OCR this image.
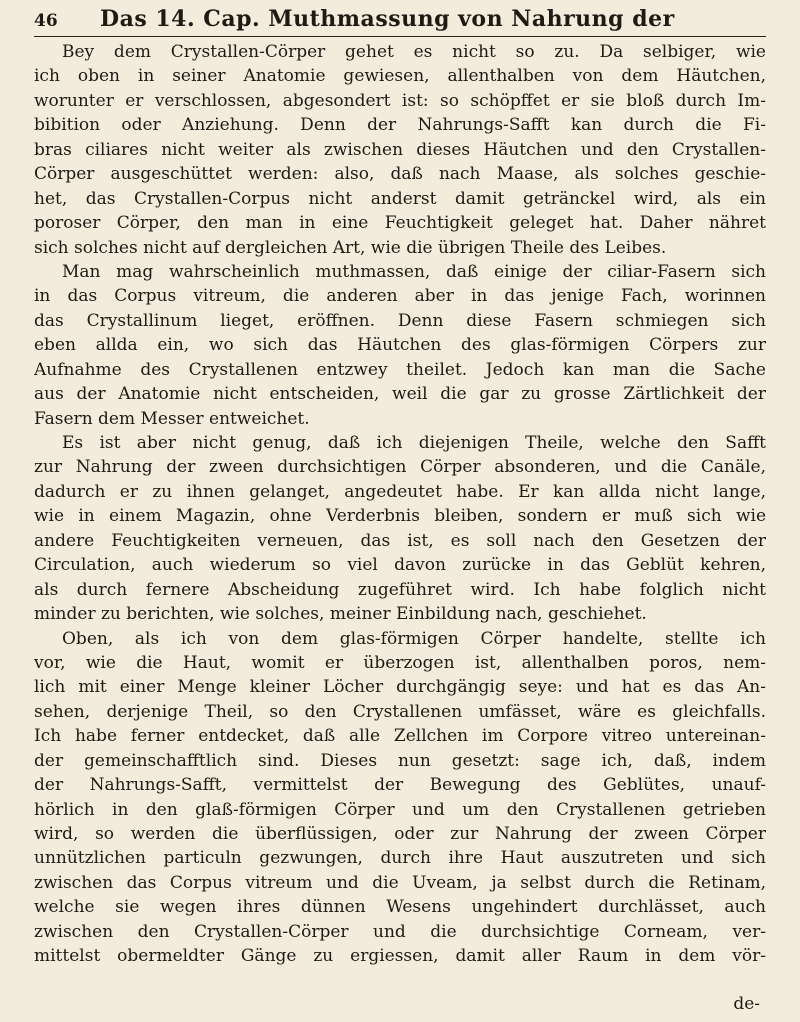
46	Das 14. Cap. Muthmassung von Nahrung der
Bey dem Crystallen-Cörper gehet es nicht so zu. Da selbiger, wie
ich oben in seiner Anatomie gewiesen, allenthalben von dem Häutchen,
worunter er verschlossen, abgesondert ist: so schöpffet er sie bloß durch Im-
bibition oder Anziehung. Denn der Nahrungs-Safft kan durch die Fi-
bras ciliares nicht weiter als zwischen dieses Häutchen und den Crystallen-
Cörper ausgeschüttet werden: also, daß nach Maase, als solches geschie-
het, das Crystallen-Corpus nicht anderst damit getränckel wird, als ein
poroser Cörper, den man in eine Feuchtigkeit geleget hat. Daher nähret
sich solches nicht auf dergleichen Art, wie die übrigen Theile des Leibes.
Man mag wahrscheinlich muthmassen, daß einige der ciliar-Fasern sich
in das Corpus vitreum, die anderen aber in das jenige Fach, worinnen
das Crystallinum lieget, eröffnen. Denn diese Fasern schmiegen sich
eben allda ein, wo sich das Häutchen des glas-förmigen Cörpers zur
Aufnahme des Crystallenen entzwey theilet. Jedoch kan man die Sache
aus der Anatomie nicht entscheiden, weil die gar zu grosse Zärtlichkeit der
Fasern dem Messer entweichet.
Es ist aber nicht genug, daß ich diejenigen Theile, welche den Safft
zur Nahrung der zween durchsichtigen Cörper absonderen, und die Canäle,
dadurch er zu ihnen gelanget, angedeutet habe. Er kan allda nicht lange,
wie in einem Magazin, ohne Verderbnis bleiben, sondern er muß sich wie
andere Feuchtigkeiten verneuen, das ist, es soll nach den Gesetzen der
Circulation, auch wiederum so viel davon zurücke in das Geblüt kehren,
als durch fernere Abscheidung zugeführet wird. Ich habe folglich nicht
minder zu berichten, wie solches, meiner Einbildung nach, geschiehet.
Oben, als ich von dem glas-förmigen Cörper handelte, stellte ich
vor, wie die Haut, womit er überzogen ist, allenthalben poros, nem-
lich mit einer Menge kleiner Löcher durchgängig seye: und hat es das An-
sehen, derjenige Theil, so den Crystallenen umfässet, wäre es gleichfalls.
Ich habe ferner entdecket, daß alle Zellchen im Corpore vitreo untereinan-
der gemeinschafftlich sind. Dieses nun gesetzt: sage ich, daß, indem
der Nahrungs-Safft, vermittelst der Bewegung des Geblütes, unauf-
hörlich in den glaß-förmigen Cörper und um den Crystallenen getrieben
wird, so werden die überflüssigen, oder zur Nahrung der zween Cörper
unnützlichen particuln gezwungen, durch ihre Haut auszutreten und sich
zwischen das Corpus vitreum und die Uveam, ja selbst durch die Retinam,
welche sie wegen ihres dünnen Wesens ungehindert durchlässet, auch
zwischen den Crystallen-Cörper und die durchsichtige Corneam, ver-
mittelst obermeldter Gänge zu ergiessen, damit aller Raum in dem vör-
de-
